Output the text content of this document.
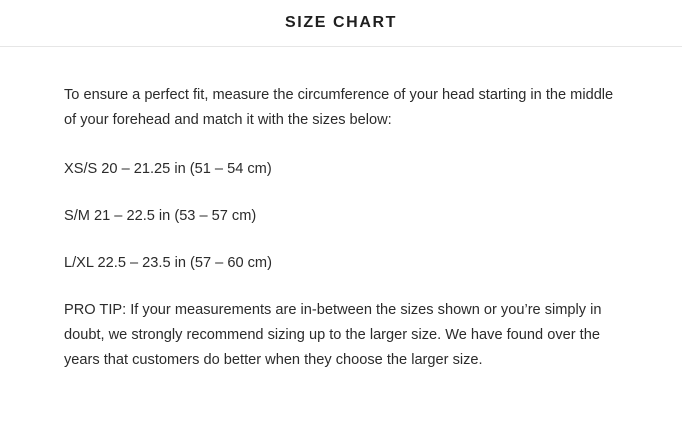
SIZE CHART

To ensure a perfect fit, measure the circumference of your head starting in the middle of your forehead and match it with the sizes below:

XS/S 20 – 21.25 in (51 – 54 cm)

S/M 21 – 22.5 in (53 – 57 cm)

L/XL 22.5 – 23.5 in (57 – 60 cm)

PRO TIP: If your measurements are in-between the sizes shown or you’re simply in doubt, we strongly recommend sizing up to the larger size. We have found over the years that customers do better when they choose the larger size.
